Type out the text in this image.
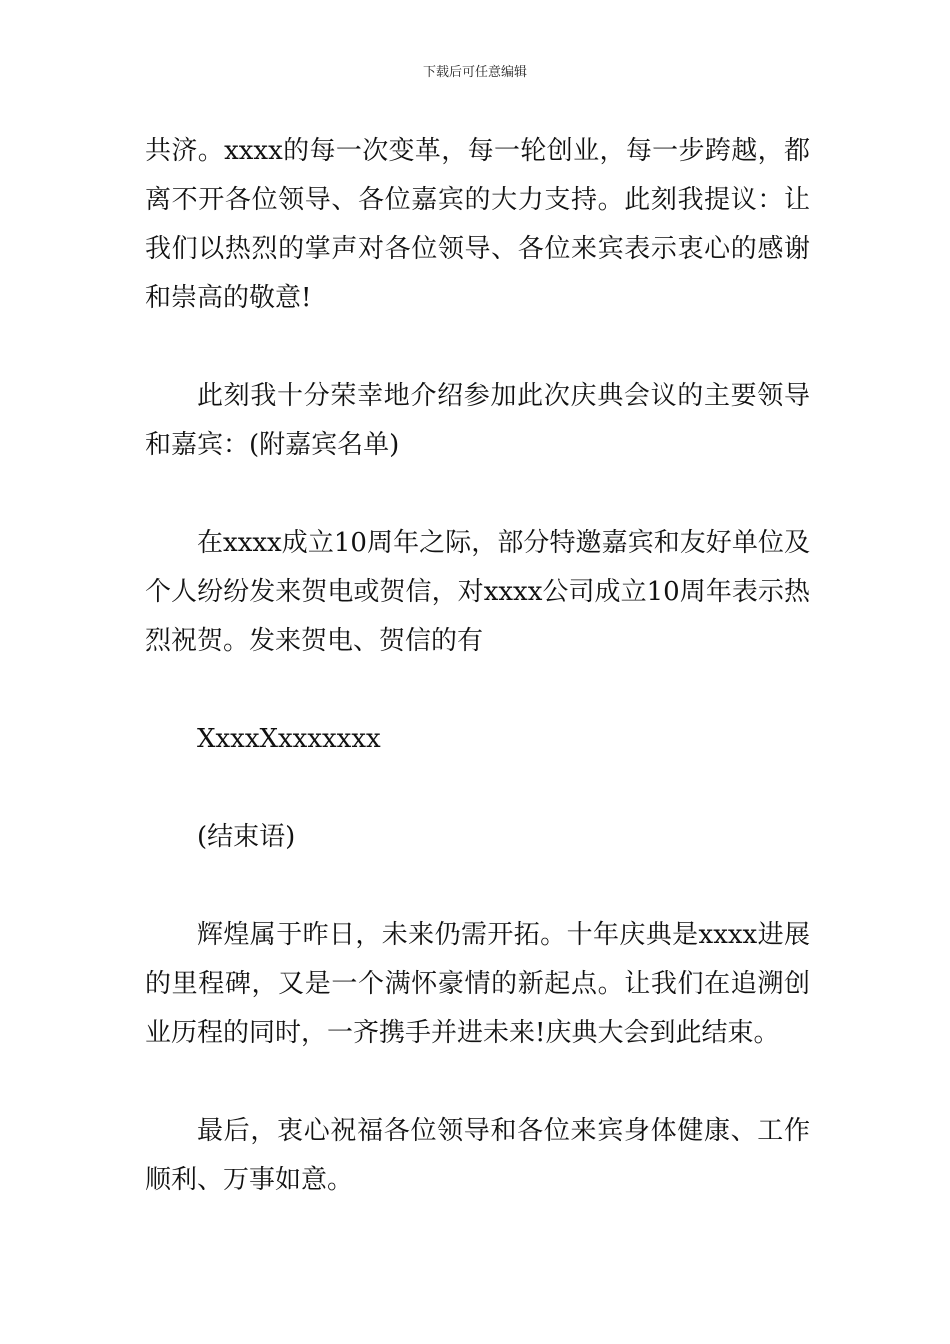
下载后可任意编辑

共济。xxxx的每一次变革，每一轮创业，每一步跨越，都离不开各位领导、各位嘉宾的大力支持。此刻我提议：让我们以热烈的掌声对各位领导、各位来宾表示衷心的感谢和崇高的敬意!

此刻我十分荣幸地介绍参加此次庆典会议的主要领导和嘉宾：(附嘉宾名单)

在xxxx成立10周年之际，部分特邀嘉宾和友好单位及个人纷纷发来贺电或贺信，对xxxx公司成立10周年表示热烈祝贺。发来贺电、贺信的有

XxxxXxxxxxxx

(结束语)

辉煌属于昨日，未来仍需开拓。十年庆典是xxxx进展的里程碑，又是一个满怀豪情的新起点。让我们在追溯创业历程的同时，一齐携手并进未来!庆典大会到此结束。

最后，衷心祝福各位领导和各位来宾身体健康、工作顺利、万事如意。
